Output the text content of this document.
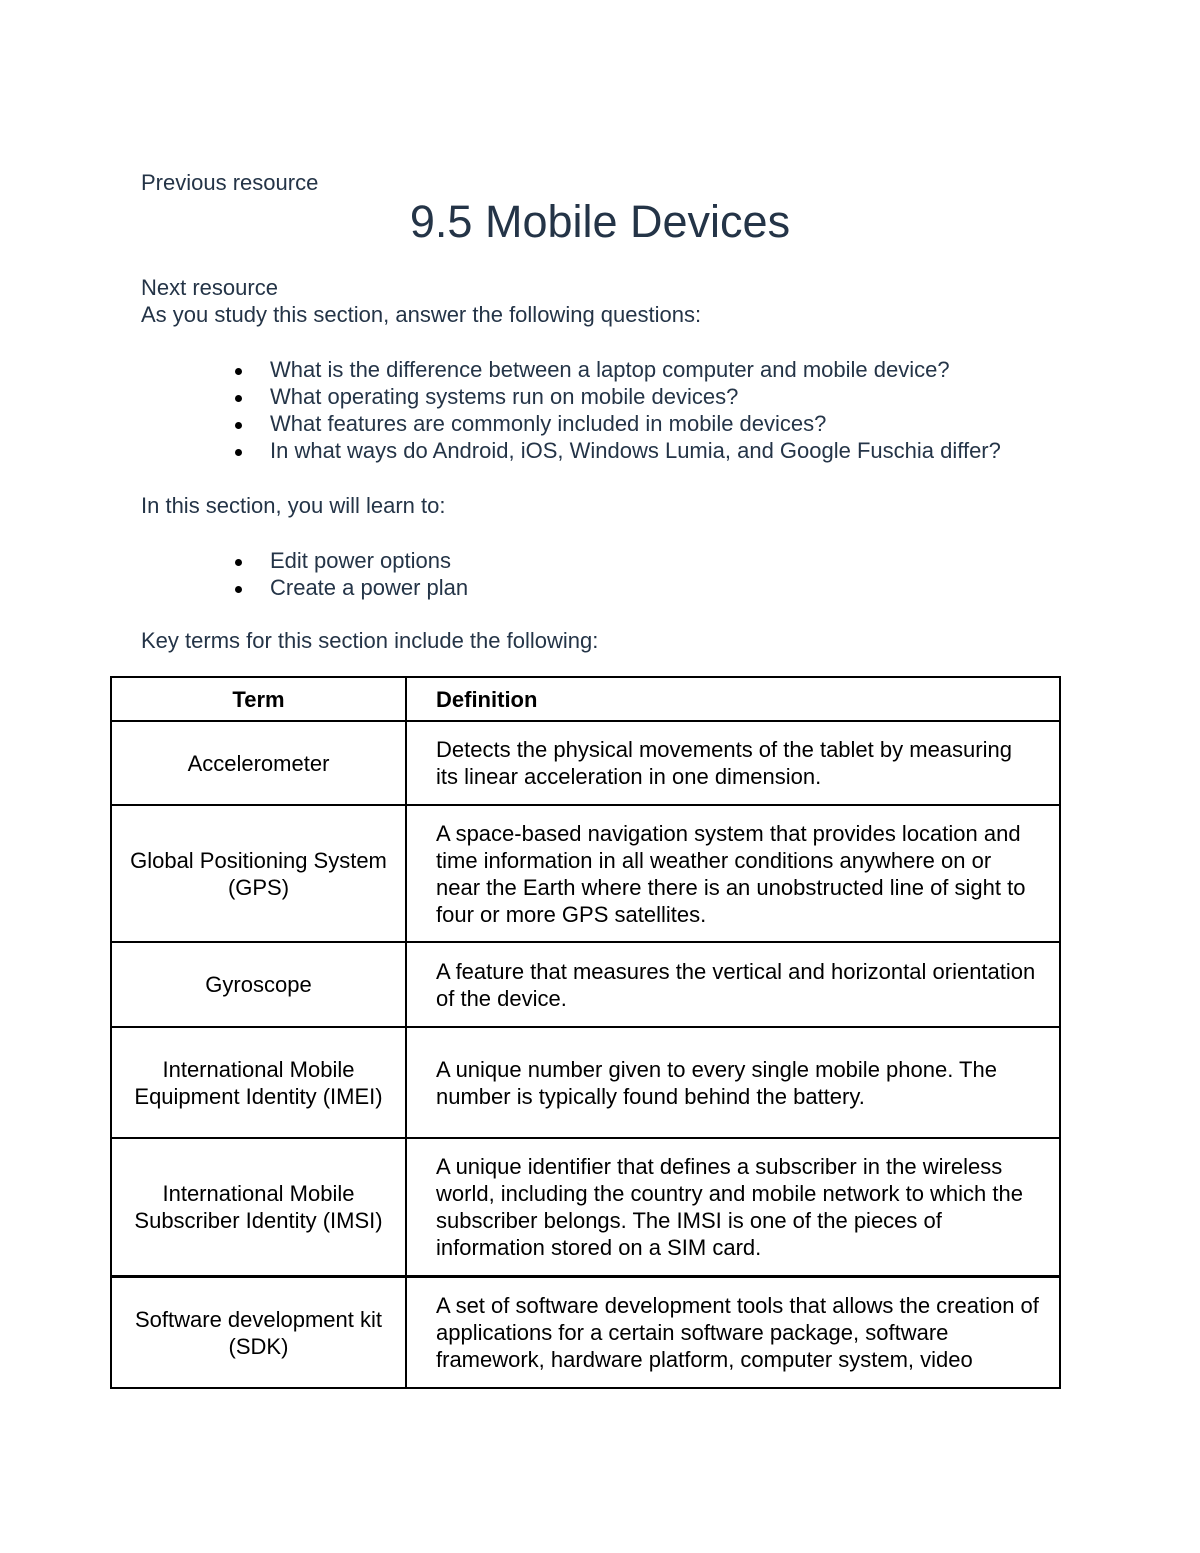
Previous resource
9.5 Mobile Devices
Next resource
As you study this section, answer the following questions:
What is the difference between a laptop computer and mobile device?
What operating systems run on mobile devices?
What features are commonly included in mobile devices?
In what ways do Android, iOS, Windows Lumia, and Google Fuschia differ?
In this section, you will learn to:
Edit power options
Create a power plan
Key terms for this section include the following:
Term	Definition
Accelerometer	Detects the physical movements of the tablet by measuring its linear acceleration in one dimension.
Global Positioning System (GPS)	A space-based navigation system that provides location and time information in all weather conditions anywhere on or near the Earth where there is an unobstructed line of sight to four or more GPS satellites.
Gyroscope	A feature that measures the vertical and horizontal orientation of the device.
International Mobile Equipment Identity (IMEI)	A unique number given to every single mobile phone. The number is typically found behind the battery.
International Mobile Subscriber Identity (IMSI)	A unique identifier that defines a subscriber in the wireless world, including the country and mobile network to which the subscriber belongs. The IMSI is one of the pieces of information stored on a SIM card.
Software development kit (SDK)	A set of software development tools that allows the creation of applications for a certain software package, software framework, hardware platform, computer system, video
